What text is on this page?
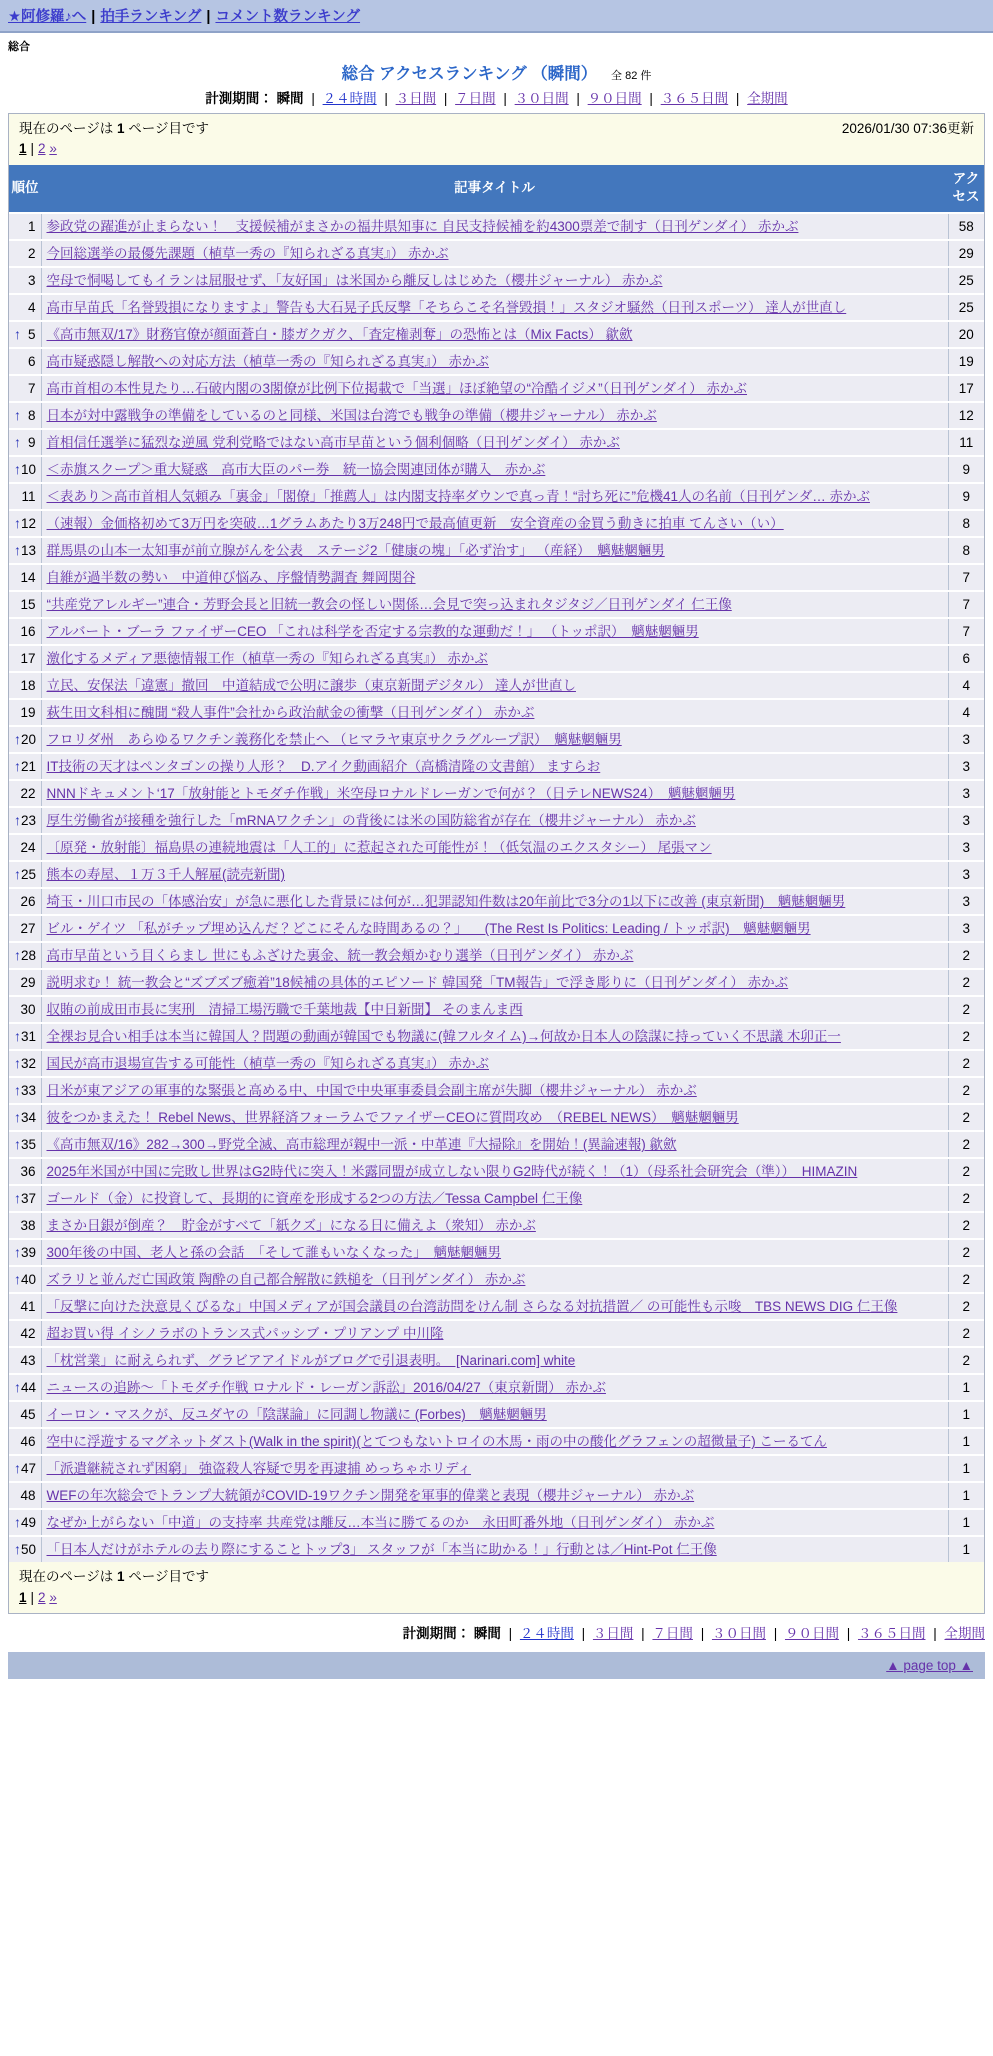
★阿修羅♪へ | 拍手ランキング | コメント数ランキング
総合
総合 アクセスランキング （瞬間） 全 82 件
計測期間： 瞬間 | ２４時間 | ３日間 | ７日間 | ３０日間 | ９０日間 | ３６５日間 | 全期間
現在のページは 1 ページ目です	2026/01/30 07:36更新
1 | 2 »
順位	記事タイトル	アクセス

1	参政党の躍進が止まらない！　支援候補がまさかの福井県知事に 自民支持候補を約4300票差で制す（日刊ゲンダイ） 赤かぶ	58

2	今回総選挙の最優先課題（植草一秀の『知られざる真実』） 赤かぶ	29

3	空母で恫喝してもイランは屈服せず、「友好国」は米国から離反しはじめた（櫻井ジャーナル） 赤かぶ	25

4	高市早苗氏「名誉毀損になりますよ」警告も大石晃子氏反撃「そちらこそ名誉毀損！」スタジオ騒然（日刊スポーツ） 達人が世直し	25

↑ 5	《高市無双/17》財務官僚が顔面蒼白・膝ガクガク、「査定権剥奪」の恐怖とは（Mix Facts） 歙歛	20

6	高市疑惑隠し解散への対応方法（植草一秀の『知られざる真実』） 赤かぶ	19

7	高市首相の本性見たり…石破内閣の3閣僚が比例下位掲載で「当選」ほぼ絶望の“冷酷イジメ”（日刊ゲンダイ） 赤かぶ	17

↑ 8	日本が対中露戦争の準備をしているのと同様、米国は台湾でも戦争の準備（櫻井ジャーナル） 赤かぶ	12

↑ 9	首相信任選挙に猛烈な逆風 党利党略ではない高市早苗という個利個略（日刊ゲンダイ） 赤かぶ	11

↑ 10	＜赤旗スクープ＞重大疑惑　高市大臣のパー券　統一協会関連団体が購入　赤かぶ	9

11	＜表あり＞高市首相人気頼み「裏金」「閣僚」「推薦人」は内閣支持率ダウンで真っ青！“討ち死に”危機41人の名前（日刊ゲンダ… 赤かぶ	9

↑ 12	（速報）金価格初めて3万円を突破…1グラムあたり3万248円で最高値更新　安全資産の金買う動きに拍車 てんさい（い）	8

↑ 13	群馬県の山本一太知事が前立腺がんを公表　ステージ2「健康の塊」「必ず治す」 （産経）　魑魅魍魎男	8

14	自維が過半数の勢い　中道伸び悩み、序盤情勢調査 舞岡関谷	7

15	“共産党アレルギー”連合・芳野会長と旧統一教会の怪しい関係…会見で突っ込まれタジタジ／日刊ゲンダイ 仁王像	7

16	アルバート・ブーラ ファイザーCEO 「これは科学を否定する宗教的な運動だ！」 （トッポ訳）　魑魅魍魎男	7

17	激化するメディア悪徳情報工作（植草一秀の『知られざる真実』） 赤かぶ	6

18	立民、安保法「違憲」撤回　中道結成で公明に譲歩（東京新聞デジタル） 達人が世直し	4

19	萩生田文科相に醜聞 “殺人事件”会社から政治献金の衝撃（日刊ゲンダイ） 赤かぶ	4

↑ 20	フロリダ州　あらゆるワクチン義務化を禁止へ （ヒマラヤ東京サクラグループ訳）　魑魅魍魎男	3

↑ 21	IT技術の天才はペンタゴンの操り人形？　D.アイク動画紹介（高橋清隆の文書館） ますらお	3

22	NNNドキュメント‘17「放射能とトモダチ作戦」米空母ロナルドレーガンで何が？（日テレNEWS24）　魑魅魍魎男	3

↑ 23	厚生労働省が接種を強行した「mRNAワクチン」の背後には米の国防総省が存在（櫻井ジャーナル） 赤かぶ	3

24	〔原発・放射能〕福島県の連続地震は「人工的」に惹起された可能性が！（低気温のエクスタシー） 尾張マン	3

↑ 25	熊本の寿屋、１万３千人解雇(読売新聞)	3

26	埼玉・川口市民の「体感治安」が急に悪化した背景には何が…犯罪認知件数は20年前比で3分の1以下に改善 (東京新聞)　魑魅魍魎男	3

27	ビル・ゲイツ 「私がチップ埋め込んだ？どこにそんな時間あるの？」 　(The Rest Is Politics: Leading / トッポ訳)　魑魅魍魎男	3

↑ 28	高市早苗という目くらまし 世にもふざけた裏金、統一教会頬かむり選挙（日刊ゲンダイ） 赤かぶ	2

29	説明求む！ 統一教会と“ズブズブ癒着”18候補の具体的エピソード 韓国発「TM報告」で浮き彫りに（日刊ゲンダイ） 赤かぶ	2

30	収賄の前成田市長に実刑　清掃工場汚職で千葉地裁【中日新聞】 そのまんま西	2

↑ 31	全裸お見合い相手は本当に韓国人？問題の動画が韓国でも物議に(韓フルタイム)→何故か日本人の陰謀に持っていく不思議 木卯正一	2

↑ 32	国民が高市退場宣告する可能性（植草一秀の『知られざる真実』） 赤かぶ	2

↑ 33	日米が東アジアの軍事的な緊張と高める中、中国で中央軍事委員会副主席が失脚（櫻井ジャーナル） 赤かぶ	2

↑ 34	彼をつかまえた！ Rebel News、世界経済フォーラムでファイザーCEOに質問攻め　（REBEL NEWS）　魑魅魍魎男	2

↑ 35	《高市無双/16》282→300→野党全滅、高市総理が親中一派・中革連『大掃除』を開始！(異論速報) 歙歛	2

36	2025年米国が中国に完敗し世界はG2時代に突入！米露同盟が成立しない限りG2時代が続く！（1）（母系社会研究会（準））　HIMAZIN	2

↑ 37	ゴールド（金）に投資して、長期的に資産を形成する2つの方法／Tessa Campbel 仁王像	2

38	まさか日銀が倒産？　貯金がすべて「紙クズ」になる日に備えよ（衆知） 赤かぶ	2

↑ 39	300年後の中国、老人と孫の会話　「そして誰もいなくなった」　魑魅魍魎男	2

↑ 40	ズラリと並んだ亡国政策 陶酔の自己都合解散に鉄槌を（日刊ゲンダイ） 赤かぶ	2

41	「反撃に向けた決意見くびるな」中国メディアが国会議員の台湾訪問をけん制 さらなる対抗措置／ の可能性も示唆　TBS NEWS DIG 仁王像	2

42	超お買い得 イシノラボのトランス式パッシブ・プリアンプ 中川隆	2

43	「枕営業」に耐えられず、グラビアアイドルがブログで引退表明。　[Narinari.com] white	2

↑ 44	ニュースの追跡〜「トモダチ作戦 ロナルド・レーガン訴訟」2016/04/27（東京新聞） 赤かぶ	1

45	イーロン・マスクが、反ユダヤの「陰謀論」に同調し物議に (Forbes)　魑魅魍魎男	1

46	空中に浮遊するマグネットダスト(Walk in the spirit)(とてつもないトロイの木馬・雨の中の酸化グラフェンの超微量子) こーるてん	1

↑ 47	「派遣継続されず困窮」 強盗殺人容疑で男を再逮捕 めっちゃホリディ	1

48	WEFの年次総会でトランプ大統領がCOVID-19ワクチン開発を軍事的偉業と表現（櫻井ジャーナル） 赤かぶ	1

↑ 49	なぜか上がらない「中道」の支持率 共産党は離反…本当に勝てるのか　永田町番外地（日刊ゲンダイ） 赤かぶ	1

↑ 50	「日本人だけがホテルの去り際にすることトップ3」 スタッフが「本当に助かる！」行動とは／Hint-Pot 仁王像	1
現在のページは 1 ページ目です
1 | 2 »
計測期間： 瞬間 | ２４時間 | ３日間 | ７日間 | ３０日間 | ９０日間 | ３６５日間 | 全期間
▲ page top ▲
